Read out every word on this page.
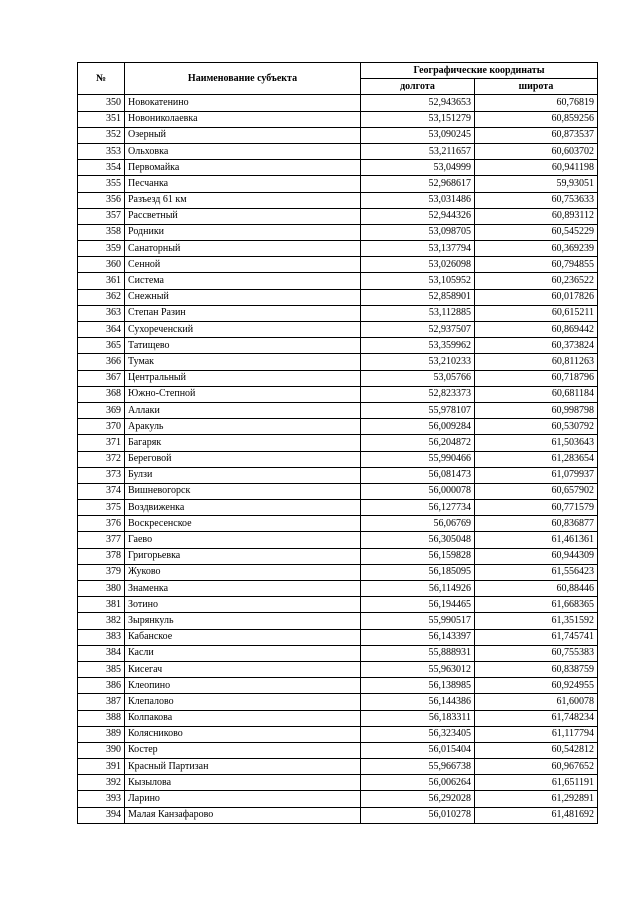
№	Наименование субъекта	Географические координаты	
		долгота	широта
350	Новокатенино	52,943653	60,76819
351	Новониколаевка	53,151279	60,859256
352	Озерный	53,090245	60,873537
353	Ольховка	53,211657	60,603702
354	Первомайка	53,04999	60,941198
355	Песчанка	52,968617	59,93051
356	Разъезд 61 км	53,031486	60,753633
357	Рассветный	52,944326	60,893112
358	Родники	53,098705	60,545229
359	Санаторный	53,137794	60,369239
360	Сенной	53,026098	60,794855
361	Система	53,105952	60,236522
362	Снежный	52,858901	60,017826
363	Степан Разин	53,112885	60,615211
364	Сухореченский	52,937507	60,869442
365	Татищево	53,359962	60,373824
366	Тумак	53,210233	60,811263
367	Центральный	53,05766	60,718796
368	Южно-Степной	52,823373	60,681184
369	Аллаки	55,978107	60,998798
370	Аракуль	56,009284	60,530792
371	Багаряк	56,204872	61,503643
372	Береговой	55,990466	61,283654
373	Булзи	56,081473	61,079937
374	Вишневогорск	56,000078	60,657902
375	Воздвиженка	56,127734	60,771579
376	Воскресенское	56,06769	60,836877
377	Гаево	56,305048	61,461361
378	Григорьевка	56,159828	60,944309
379	Жуково	56,185095	61,556423
380	Знаменка	56,114926	60,88446
381	Зотино	56,194465	61,668365
382	Зырянкуль	55,990517	61,351592
383	Кабанское	56,143397	61,745741
384	Касли	55,888931	60,755383
385	Кисегач	55,963012	60,838759
386	Клеопино	56,138985	60,924955
387	Клепалово	56,144386	61,60078
388	Колпакова	56,183311	61,748234
389	Колясниково	56,323405	61,117794
390	Костер	56,015404	60,542812
391	Красный Партизан	55,966738	60,967652
392	Кызылова	56,006264	61,651191
393	Ларино	56,292028	61,292891
394	Малая Канзафарово	56,010278	61,481692
